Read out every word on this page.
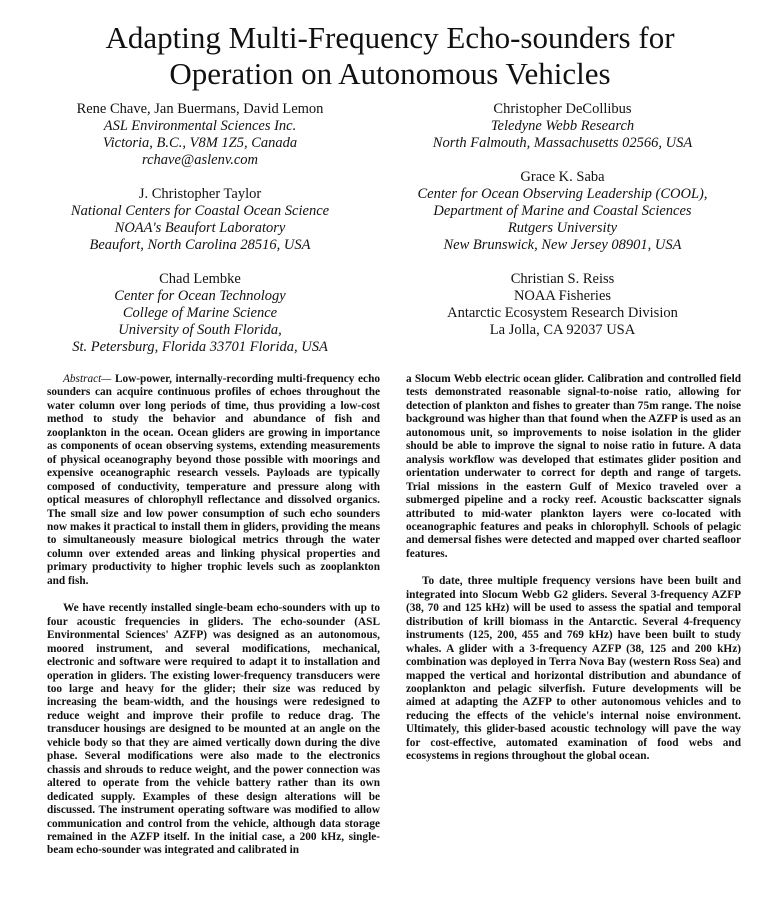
Adapting Multi-Frequency Echo-sounders for
Operation on Autonomous Vehicles
Rene Chave, Jan Buermans, David Lemon
ASL Environmental Sciences Inc.
Victoria, B.C., V8M 1Z5, Canada
rchave@aslenv.com
J. Christopher Taylor
National Centers for Coastal Ocean Science
NOAA's Beaufort Laboratory
Beaufort, North Carolina 28516, USA
Chad Lembke
Center for Ocean Technology
College of Marine Science
University of South Florida,
St. Petersburg, Florida 33701 Florida, USA
Christopher DeCollibus
Teledyne Webb Research
North Falmouth, Massachusetts 02566, USA
Grace K. Saba
Center for Ocean Observing Leadership (COOL),
Department of Marine and Coastal Sciences
Rutgers University
New Brunswick, New Jersey 08901, USA
Christian S. Reiss
NOAA Fisheries
Antarctic Ecosystem Research Division
La Jolla, CA 92037 USA

Abstract— Low-power, internally-recording multi-frequency echo sounders can acquire continuous profiles of echoes throughout the water column over long periods of time, thus providing a low-cost method to study the behavior and abundance of fish and zooplankton in the ocean. Ocean gliders are growing in importance as components of ocean observing systems, extending measurements of physical oceanography beyond those possible with moorings and expensive oceanographic research vessels. Payloads are typically composed of conductivity, temperature and pressure along with optical measures of chlorophyll reflectance and dissolved organics. The small size and low power consumption of such echo sounders now makes it practical to install them in gliders, providing the means to simultaneously measure biological metrics through the water column over extended areas and linking physical properties and primary productivity to higher trophic levels such as zooplankton and fish.

We have recently installed single-beam echo-sounders with up to four acoustic frequencies in gliders. The echo-sounder (ASL Environmental Sciences' AZFP) was designed as an autonomous, moored instrument, and several modifications, mechanical, electronic and software were required to adapt it to installation and operation in gliders. The existing lower-frequency transducers were too large and heavy for the glider; their size was reduced by increasing the beam-width, and the housings were redesigned to reduce weight and improve their profile to reduce drag. The transducer housings are designed to be mounted at an angle on the vehicle body so that they are aimed vertically down during the dive phase. Several modifications were also made to the electronics chassis and shrouds to reduce weight, and the power connection was altered to operate from the vehicle battery rather than its own dedicated supply. Examples of these design alterations will be discussed. The instrument operating software was modified to allow communication and control from the vehicle, although data storage remained in the AZFP itself. In the initial case, a 200 kHz, single-beam echo-sounder was integrated and calibrated in

a Slocum Webb electric ocean glider. Calibration and controlled field tests demonstrated reasonable signal-to-noise ratio, allowing for detection of plankton and fishes to greater than 75m range. The noise background was higher than that found when the AZFP is used as an autonomous unit, so improvements to noise isolation in the glider should be able to improve the signal to noise ratio in future. A data analysis workflow was developed that estimates glider position and orientation underwater to correct for depth and range of targets. Trial missions in the eastern Gulf of Mexico traveled over a submerged pipeline and a rocky reef. Acoustic backscatter signals attributed to mid-water plankton layers were co-located with oceanographic features and peaks in chlorophyll. Schools of pelagic and demersal fishes were detected and mapped over charted seafloor features.

To date, three multiple frequency versions have been built and integrated into Slocum Webb G2 gliders. Several 3-frequency AZFP (38, 70 and 125 kHz) will be used to assess the spatial and temporal distribution of krill biomass in the Antarctic. Several 4-frequency instruments (125, 200, 455 and 769 kHz) have been built to study whales. A glider with a 3-frequency AZFP (38, 125 and 200 kHz) combination was deployed in Terra Nova Bay (western Ross Sea) and mapped the vertical and horizontal distribution and abundance of zooplankton and pelagic silverfish. Future developments will be aimed at adapting the AZFP to other autonomous vehicles and to reducing the effects of the vehicle's internal noise environment. Ultimately, this glider-based acoustic technology will pave the way for cost-effective, automated examination of food webs and ecosystems in regions throughout the global ocean.
